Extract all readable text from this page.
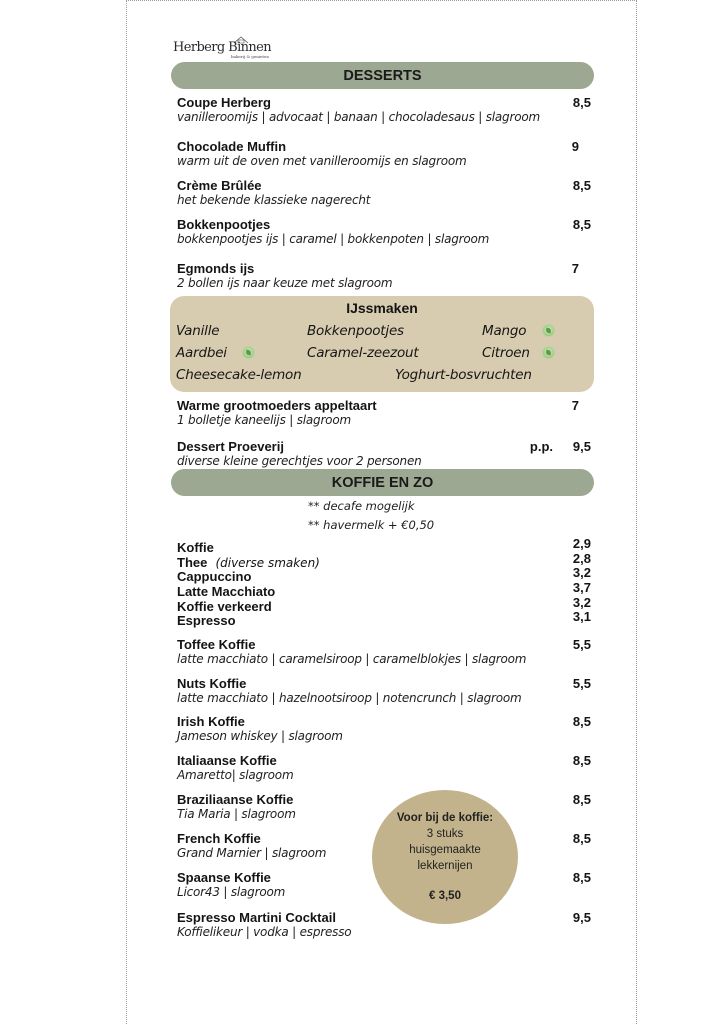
Herberg Binnen
bakerij & genieten
DESSERTS
Coupe Herberg
vanilleroomijs | advocaat | banaan | chocoladesaus | slagroom
8,5
Chocolade Muffin
warm uit de oven met vanilleroomijs en slagroom
9
Crème Brûlée
het bekende klassieke nagerecht
8,5
Bokkenpootjes
bokkenpootjes ijs | caramel | bokkenpoten | slagroom
8,5
Egmonds ijs
2 bollen ijs naar keuze met slagroom
7
IJssmaken
Vanille	Bokkenpootjes	Mango
Aardbei	Caramel-zeezout	Citroen
Cheesecake-lemon	Yoghurt-bosvruchten
Warme grootmoeders appeltaart
1 bolletje kaneelijs | slagroom
7
Dessert Proeverij
diverse kleine gerechtjes voor 2 personen
p.p. 9,5
KOFFIE EN ZO
** decafe mogelijk
** havermelk + €0,50
Koffie	2,9
Thee (diverse smaken)	2,8
Cappuccino	3,2
Latte Macchiato	3,7
Koffie verkeerd	3,2
Espresso	3,1
Toffee Koffie
latte macchiato | caramelsiroop | caramelblokjes | slagroom
5,5
Nuts Koffie
latte macchiato | hazelnootsiroop | notencrunch | slagroom
5,5
Irish Koffie
Jameson whiskey | slagroom
8,5
Italiaanse Koffie
Amaretto| slagroom
8,5
Braziliaanse Koffie
Tia Maria | slagroom
8,5
French Koffie
Grand Marnier | slagroom
8,5
Spaanse Koffie
Licor43 | slagroom
8,5
Espresso Martini Cocktail
Koffielikeur | vodka | espresso
9,5
Voor bij de koffie:
3 stuks
huisgemaakte
lekkernijen
€ 3,50
